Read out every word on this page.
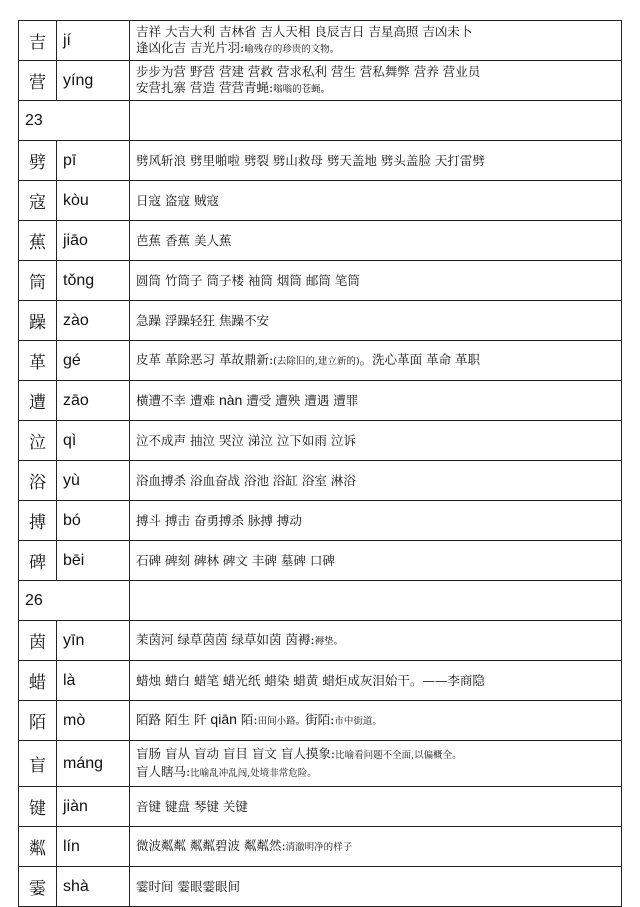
吉	jí	吉祥 大吉大利 吉林省 吉人天相 良辰吉日 吉星高照 吉凶未卜
逢凶化吉 吉光片羽:喻残存的珍贵的文物。

营	yíng	步步为营 野营 营建 营救 营求私利 营生 营私舞弊 营养 营业员
安营扎寨 营造 营营青蝇:嗡嗡的苍蝇。

23		
劈	pī	劈风斩浪 劈里啪啦 劈裂 劈山救母 劈天盖地 劈头盖脸 天打雷劈

寇	kòu	日寇 盗寇 贼寇

蕉	jiāo	芭蕉 香蕉 美人蕉

筒	tǒng	圆筒 竹筒子 筒子楼 袖筒 烟筒 邮筒 笔筒

躁	zào	急躁 浮躁轻狂 焦躁不安

革	gé	皮革 革除恶习 革故鼎新:(去除旧的,建立新的)。洗心革面 革命 革职

遭	zāo	横遭不幸 遭难 nàn 遭受 遭殃 遭遇 遭罪

泣	qì	泣不成声 抽泣 哭泣 涕泣 泣下如雨 泣诉

浴	yù	浴血搏杀 浴血奋战 浴池 浴缸 浴室 淋浴

搏	bó	搏斗 搏击 奋勇搏杀 脉搏 搏动

碑	bēi	石碑 碑刻 碑林 碑文 丰碑 墓碑 口碑

26		
茵	yīn	茉茵河 绿草茵茵 绿草如茵 茵褥:褥垫。

蜡	là	蜡烛 蜡白 蜡笔 蜡光纸 蜡染 蜡黄 蜡炬成灰泪始干。——李商隐

陌	mò	陌路 陌生 阡 qiān 陌:田间小路。街陌:市中街道。

盲	máng	盲肠 盲从 盲动 盲目 盲文 盲人摸象:比喻看问题不全面,以偏概全。
盲人瞎马:比喻乱冲乱闯,处境非常危险。

键	jiàn	音键 键盘 琴键 关键

粼	lín	微波粼粼 粼粼碧波 粼粼然:清澈明净的样子

霎	shà	霎时间 霎眼霎眼间
